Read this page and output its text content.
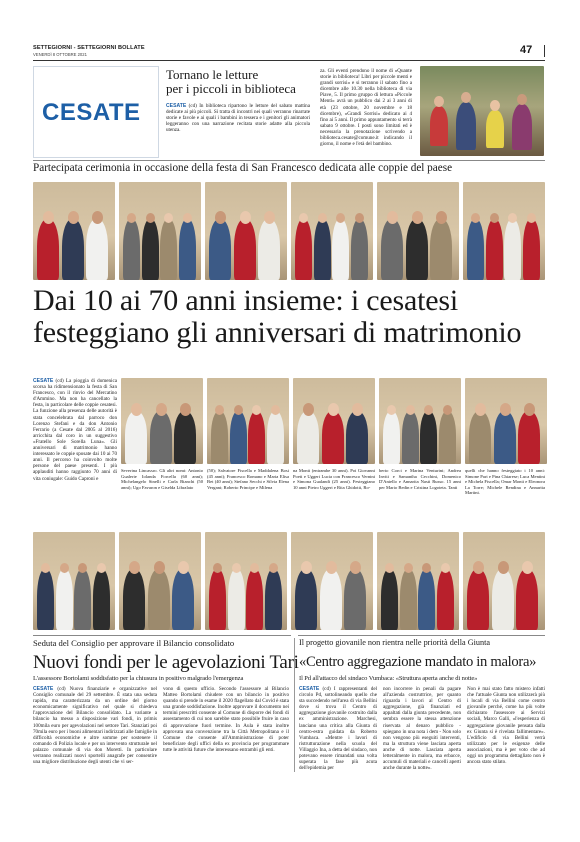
SETTEGIORNI - SETTEGIORNI BOLLATE
VENERDÌ 8 OTTOBRE 2021	47
CESATE
Tornano le letture
per i piccoli in biblioteca
CESATE (cd) In biblioteca ripartono le letture del sabato mattina dedicate ai più piccoli. Si tratta di incontri nei quali verranno rinarrate storie e favole e ai quali i bambini in tessera e i genitori gli animatori leggeranno con una narrazione recitata storie adatte alla piccola utenza.
za. Gli eventi prendono il nome di «Quante storie in biblioteca! Libri per piccole menti e grandi sorrisi» e si terranno il sabato fino a dicembre alle 10.30 nella biblioteca di via Piave, 5. Il primo gruppo di lettura «Piccole Menti» avrà un pubblico dai 2 ai 3 anni di età (23 ottobre, 20 novembre e 18 dicembre), «Grandi Sorrisi» dedicato ai 4 fino ai 5 anni. Il primo appuntamento si terrà sabato 9 ottobre. I posti sono limitati ed è necessaria la prenotazione scrivendo a biblioteca.cesate@comune.it indicando il giorno, il nome e l'età del bambino.
Partecipata cerimonia in occasione della festa di San Francesco dedicata alle coppie del paese
Dai 10 ai 70 anni insieme: i cesatesi
festeggiano gli anniversari di matrimonio
CESATE (cd) La pioggia di domenica scorsa ha ridimensionato la festa di San Francesco, con il rinvio del Mercatino d'Ammino. Ma non ha cancellato la festa, in particolare delle coppie cesatesi. La funzione alla presenza delle autorità è stata concelebrata dal parroco don Lorenzo Stefani e da don Antonio Ferrario (a Cesate dal 2005 al 2016) arricchita dal coro in un suggestivo «Fratello Sole Sorella Luna». Gli anniversari di matrimonio hanno interessato le coppie sposate dai 10 ai 70 anni. Il percorso ha coinvolto molte persone del paese presenti. I più applauditi hanno raggiunto 70 anni di vita coniugale: Guido Caproni e
Severina Lincassro. Gli altri nomi: Antonio Gualerie Iolanda Forcella (60 anni); Michelangelo Sinelli e Carla Bianchi (50 anni); Ugo Favaron e Giselda Libralato
(50); Salvatore Fiscella e Maddalena Bosi (45 anni); Francesco Romano e Maria Elisa Bet (40 anni); Stefano Secchi e Silvia Elena Vergani; Roberto Principe e Milena
na Monti (entrambe 30 anni). Poi Giovanni Poeti e Uggeri Lucia con Francesco Vernini e Simona Gualandi (25 anni). Festeggiano 10 anni Pietro Uggeri e Rita Ghidotti, Ro-
berto Corci e Marina Venturini; Andrea Inviti e Samantha Cecchini, Domenico D'Aniello e Annarita Nasti Russo. 15 anni per Mario Bedin e Cristina Logoteta. Tanti
quelli che hanno festeggiato i 10 anni: Simone Pari e Pina Chiarese; Luca Mentini e Michela Fiscella; Omar Monti e Eleonora La Torre; Michele Rendina e Annarita Martini.
Seduta del Consiglio per approvare il Bilancio consolidato
Nuovi fondi per le agevolazioni Tari
L'assessore Bortolami soddisfatto per la chiusura in positivo malgrado l'emergenza
CESATE (cd) Nuova finanziarie e organizzative nel Consiglio comunale del 29 settembre. È stata una seduta rapida, ma caratterizzata da un ordine del giorno economicamente significativo nel quale si chiedeva l'approvazione del Bilancio consolidato. La variante a bilancio ha messo a disposizione vari fondi, in primis 100mila euro per agevolazioni nel settore Tari. Stanziati poi 70mila euro per i buoni alimentari indirizzati alle famiglie in difficoltà economiche e altre somme per sostenere il comando di Polizia locale e per un intervento strutturale nel palazzo comunale di via don Moretti. In particolare verranno realizzati nuovi sportelli anagrafe per consentire una migliore distribuzione degli utenti che vi ser-
vono di questo ufficio. Secondo l'assessore al Bilancio Matteo Bortolami chiudere con un bilancio in positivo quando si prende in esame il 2020 flagellato dal Covid è stata una grande soddisfazione. Inoltre approvare il documento nei termini prescritti consente al Comune di disporre dei fondi di assestamento di cui non sarebbe stato possibile fruire in caso di approvazione fuori termine. In Aula è stata inoltre approvata una convenzione tra la Città Metropolitana e il Comune che consente all'Amministrazione di poter beneficiare degli uffici della ex provincia per programmare tutte le attività future che interessano entrambi gli enti.
Il progetto giovanile non rientra nelle priorità della Giunta
«Centro aggregazione mandato in malora»
Il Pd all'attacco del sindaco Vumbaca: «Struttura aperta anche di notte»
CESATE (cd) I rappresentanti del circolo Pd, sottolineando quello che sta succedendo nell'area di via Bellini dove si trova il Centro di aggregazione giovanile costruito dalla ex amministrazione. Marchesi, lanciano una critica alla Giunta di centro-estra guidata da Roberto Vumbaca. «Mentre i lavori di ristrutturazione nella scuola del Villaggio Ina, a detta del sindaco, non potevano essere rimandati una volta superata la fase più acuta dell'epidemia per
non incorrere in penali da pagare all'azienda costruttrice, per quanto riguarda i lavori al Centro di aggregazione, già finanziati ed appaltati dalla giunta precedente, non sembra essere la stessa attenzione riservata al denaro pubblico - spiegano in una nota i dem - Non solo non vengono più eseguiti interventi, ma la struttura viene lasciata aperta anche di notte. Lasciata aperta letteralmente in malora, ma erbacce, accumuli di materiali e cancelli aperti anche durante la notte».
Non è mai stato fatto mistero infatti che l'attuale Giunta non utilizzerà più i locali di via Bellini come centro giovanile perché, come ha più volte dichiarato l'assessore ai Servizi sociali, Marco Galli, «l'esperienza di aggregazione giovanile pensata dalla ex Giunta si è rivelata fallimentare». L'edificio di via Bellini verrà utilizzato per le esigenze delle associazioni, ma è per voto che ad oggi un programma dettagliato non è ancora stato stilato.
